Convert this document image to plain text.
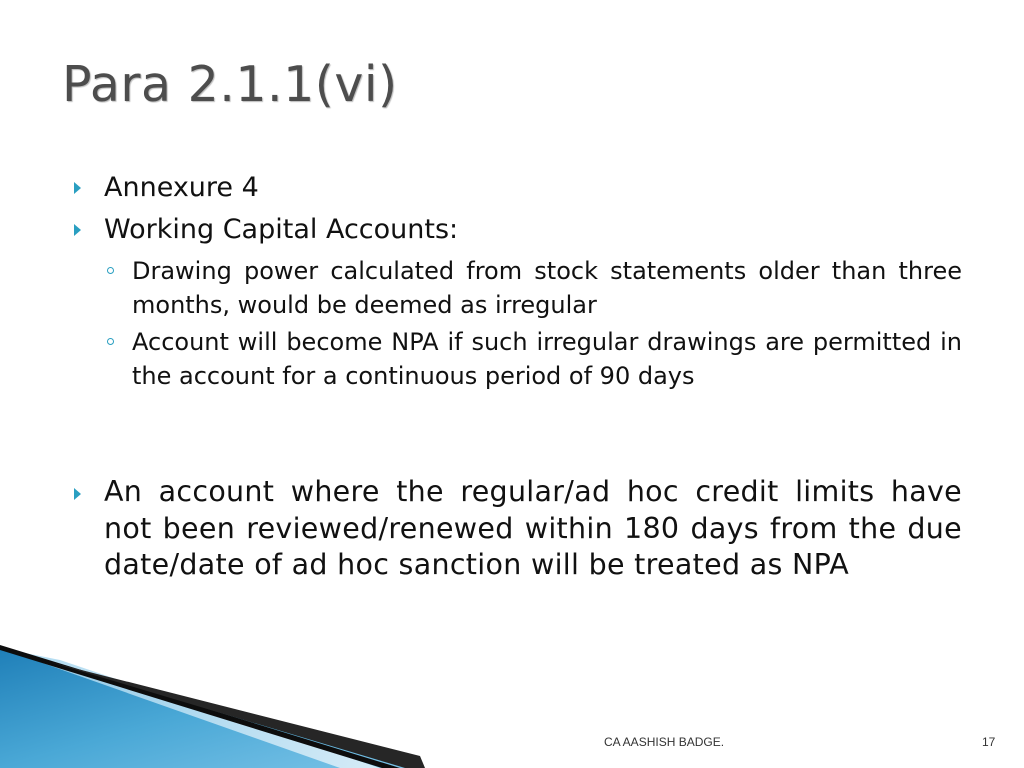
Para 2.1.1(vi)
Annexure 4
Working Capital Accounts:
Drawing power calculated from stock statements older than three months, would be deemed as irregular
Account will become NPA if such irregular drawings are permitted in the account for a continuous period of 90 days
An account where the regular/ad hoc credit limits have not been reviewed/renewed within 180 days from the due date/date of ad hoc sanction will be treated as NPA
CA AASHISH BADGE.	17
